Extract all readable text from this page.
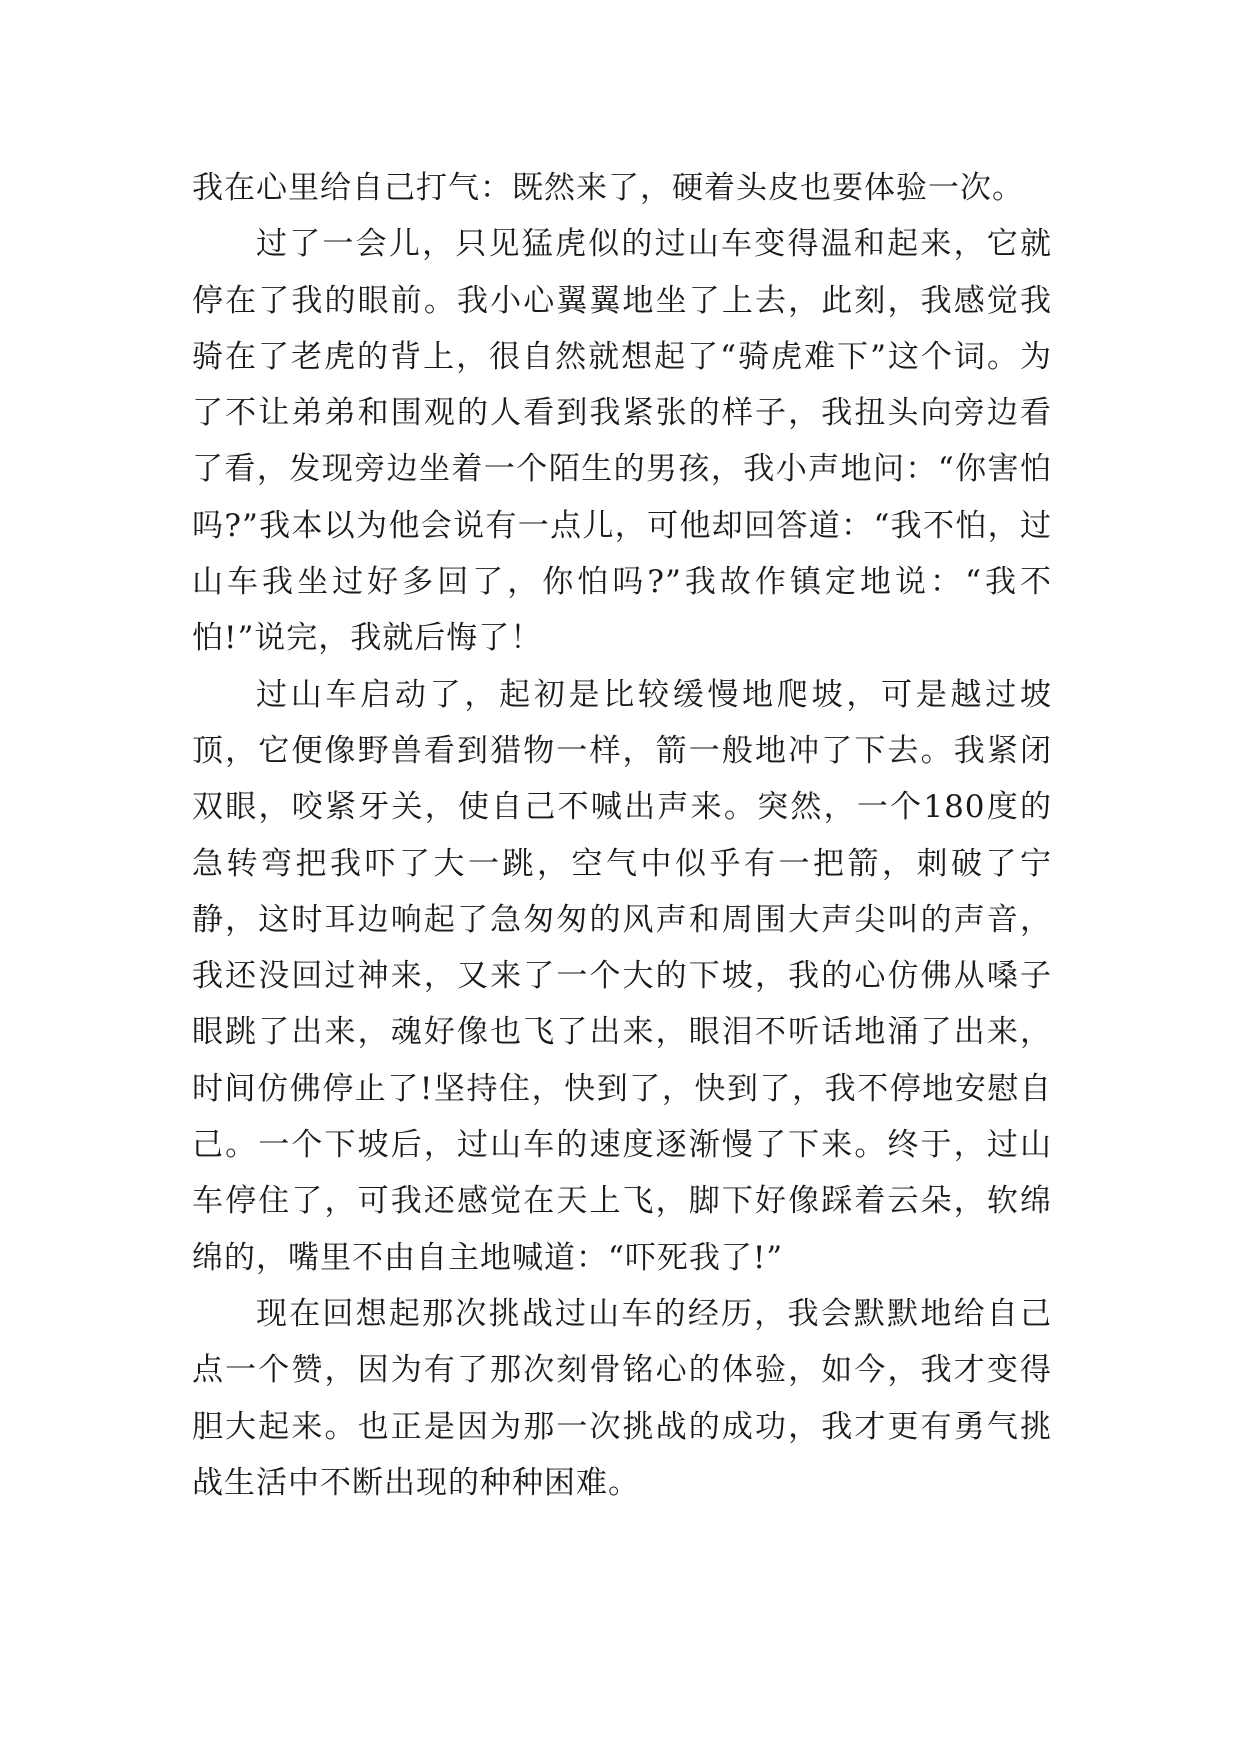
我在心里给自己打气：既然来了，硬着头皮也要体验一次。

过了一会儿，只见猛虎似的过山车变得温和起来，它就停在了我的眼前。我小心翼翼地坐了上去，此刻，我感觉我骑在了老虎的背上，很自然就想起了“骑虎难下”这个词。为了不让弟弟和围观的人看到我紧张的样子，我扭头向旁边看了看，发现旁边坐着一个陌生的男孩，我小声地问：“你害怕吗?”我本以为他会说有一点儿，可他却回答道：“我不怕，过山车我坐过好多回了，你怕吗?”我故作镇定地说：“我不怕!”说完，我就后悔了！

过山车启动了，起初是比较缓慢地爬坡，可是越过坡顶，它便像野兽看到猎物一样，箭一般地冲了下去。我紧闭双眼，咬紧牙关，使自己不喊出声来。突然，一个180度的急转弯把我吓了大一跳，空气中似乎有一把箭，刺破了宁静，这时耳边响起了急匆匆的风声和周围大声尖叫的声音，我还没回过神来，又来了一个大的下坡，我的心仿佛从嗓子眼跳了出来，魂好像也飞了出来，眼泪不听话地涌了出来，时间仿佛停止了!坚持住，快到了，快到了，我不停地安慰自己。一个下坡后，过山车的速度逐渐慢了下来。终于，过山车停住了，可我还感觉在天上飞，脚下好像踩着云朵，软绵绵的，嘴里不由自主地喊道：“吓死我了!”

现在回想起那次挑战过山车的经历，我会默默地给自己点一个赞，因为有了那次刻骨铭心的体验，如今，我才变得胆大起来。也正是因为那一次挑战的成功，我才更有勇气挑战生活中不断出现的种种困难。
